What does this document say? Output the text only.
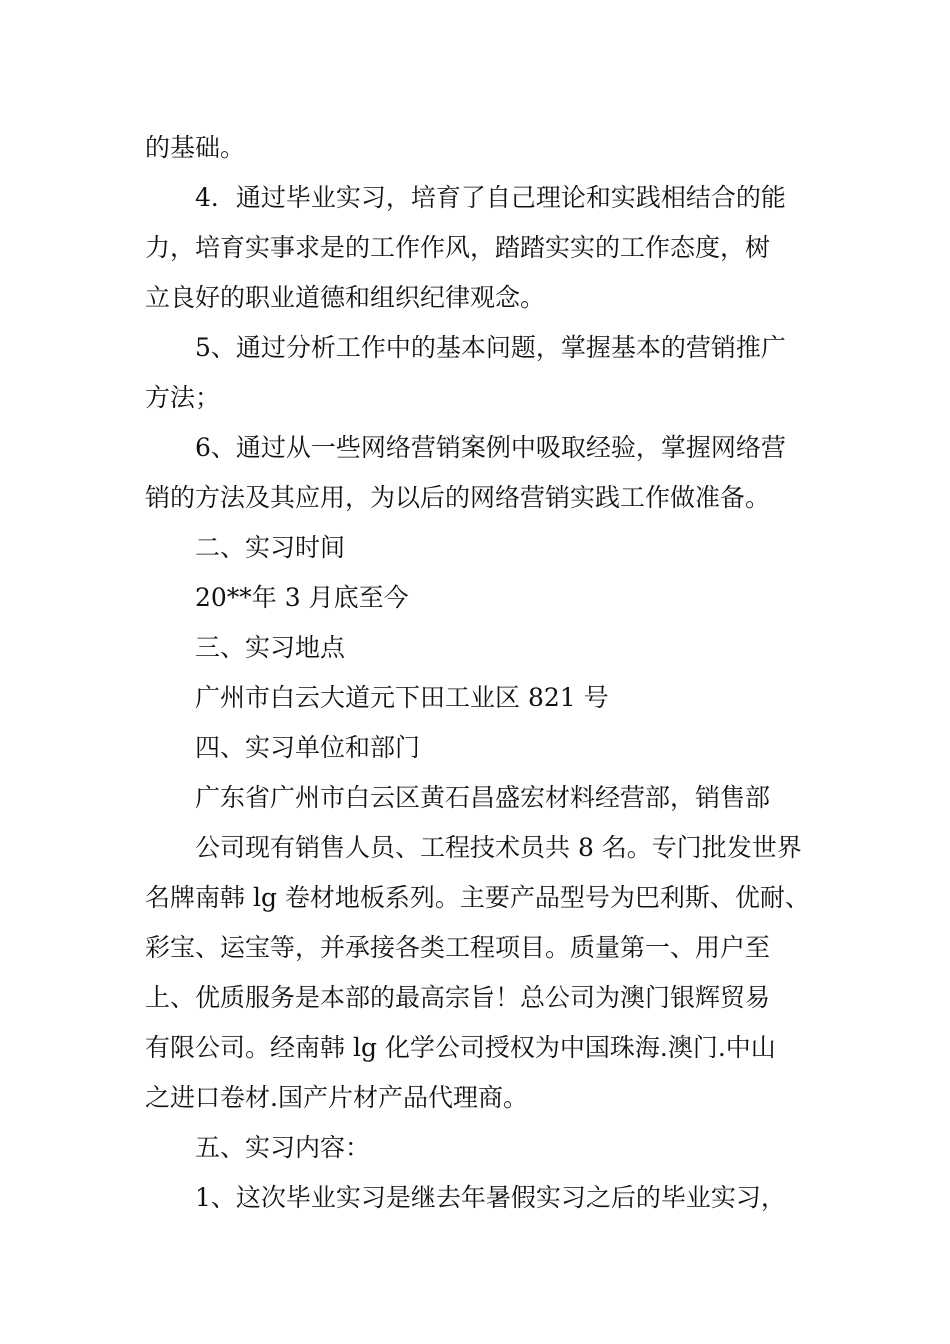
的基础。
4．通过毕业实习，培育了自己理论和实践相结合的能
力，培育实事求是的工作作风，踏踏实实的工作态度，树
立良好的职业道德和组织纪律观念。
5、通过分析工作中的基本问题，掌握基本的营销推广
方法；
6、通过从一些网络营销案例中吸取经验，掌握网络营
销的方法及其应用，为以后的网络营销实践工作做准备。
二、实习时间
20**年 3 月底至今
三、实习地点
广州市白云大道元下田工业区 821 号
四、实习单位和部门
广东省广州市白云区黄石昌盛宏材料经营部，销售部
公司现有销售人员、工程技术员共 8 名。专门批发世界
名牌南韩 lg 卷材地板系列。主要产品型号为巴利斯、优耐、
彩宝、运宝等，并承接各类工程项目。质量第一、用户至
上、优质服务是本部的最高宗旨！总公司为澳门银辉贸易
有限公司。经南韩 lg 化学公司授权为中国珠海.澳门.中山
之进口卷材.国产片材产品代理商。
五、实习内容：
1、这次毕业实习是继去年暑假实习之后的毕业实习，
